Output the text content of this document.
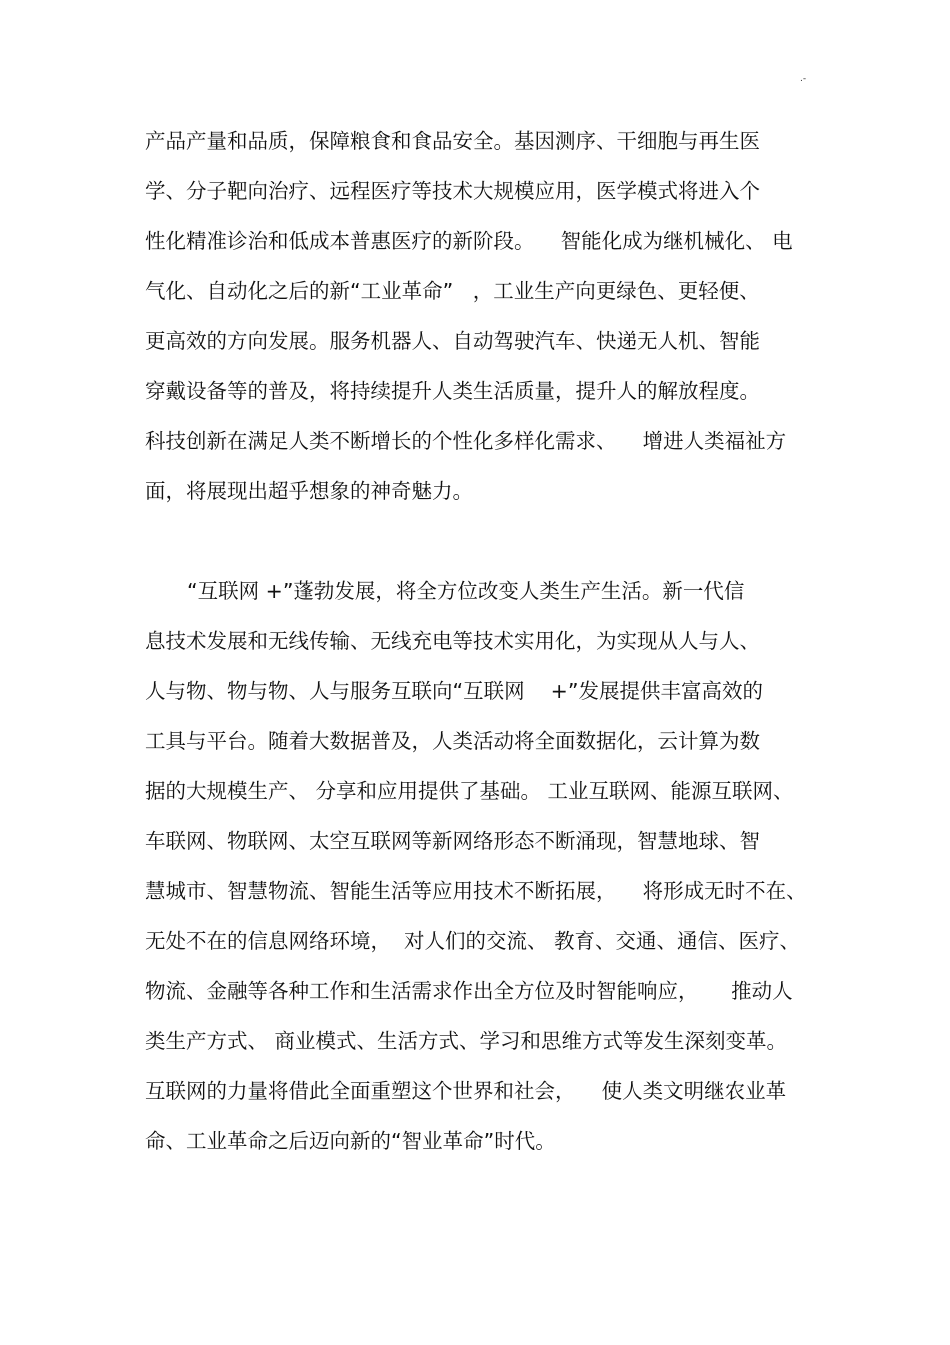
.-
产品产量和品质，保障粮食和食品安全。基因测序、干细胞与再生医
学、分子靶向治疗、远程医疗等技术大规模应用，医学模式将进入个
性化精准诊治和低成本普惠医疗的新阶段。    智能化成为继机械化、 电
气化、自动化之后的新“工业革命”   ，工业生产向更绿色、更轻便、
更高效的方向发展。服务机器人、自动驾驶汽车、快递无人机、智能
穿戴设备等的普及，将持续提升人类生活质量，提升人的解放程度。
科技创新在满足人类不断增长的个性化多样化需求、    增进人类福祉方
面，将展现出超乎想象的神奇魅力。
“互联网 +”蓬勃发展，将全方位改变人类生产生活。新一代信
息技术发展和无线传输、无线充电等技术实用化，为实现从人与人、
人与物、物与物、人与服务互联向“互联网    +”发展提供丰富高效的
工具与平台。随着大数据普及，人类活动将全面数据化，云计算为数
据的大规模生产、 分享和应用提供了基础。 工业互联网、能源互联网、
车联网、物联网、太空互联网等新网络形态不断涌现，智慧地球、智
慧城市、智慧物流、智能生活等应用技术不断拓展，    将形成无时不在、
无处不在的信息网络环境，  对人们的交流、 教育、交通、通信、医疗、
物流、金融等各种工作和生活需求作出全方位及时智能响应，     推动人
类生产方式、 商业模式、生活方式、学习和思维方式等发生深刻变革。
互联网的力量将借此全面重塑这个世界和社会，    使人类文明继农业革
命、工业革命之后迈向新的“智业革命”时代。
